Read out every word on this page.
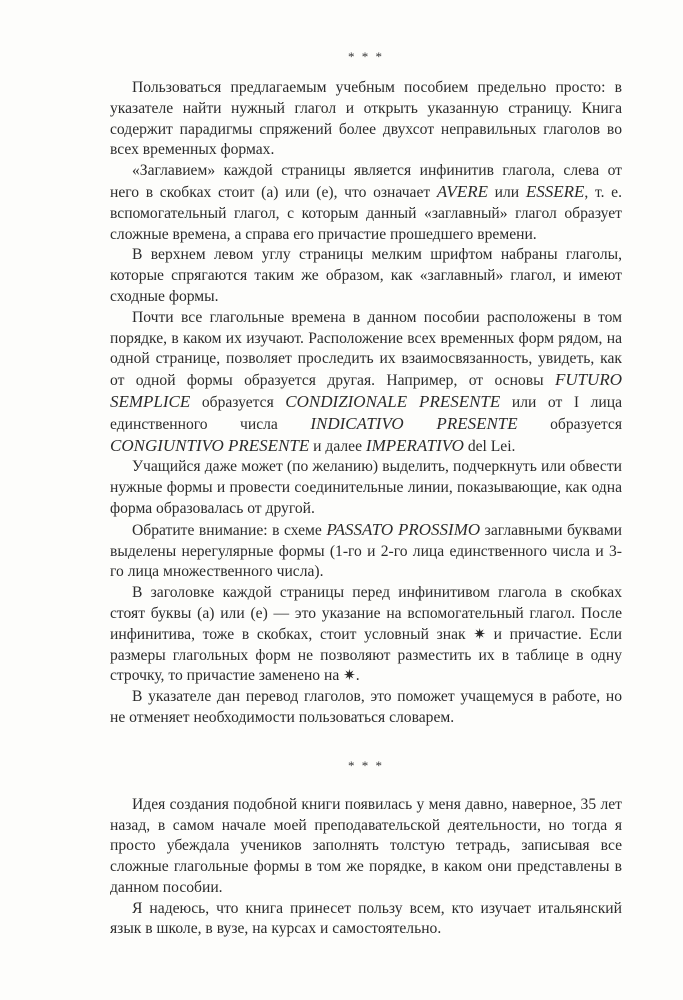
* * *

Пользоваться предлагаемым учебным пособием предельно просто: в указателе найти нужный глагол и открыть указанную страницу. Книга содержит парадигмы спряжений более двухсот неправильных глаголов во всех временных формах.

«Заглавием» каждой страницы является инфинитив глагола, слева от него в скобках стоит (а) или (е), что означает AVERE или ESSERE, т. е. вспомогательный глагол, с которым данный «заглавный» глагол образует сложные времена, а справа его причастие прошедшего времени.

В верхнем левом углу страницы мелким шрифтом набраны глаголы, которые спрягаются таким же образом, как «заглавный» глагол, и имеют сходные формы.

Почти все глагольные времена в данном пособии расположены в том порядке, в каком их изучают. Расположение всех временных форм рядом, на одной странице, позволяет проследить их взаимосвязанность, увидеть, как от одной формы образуется другая. Например, от основы FUTURO SEMPLICE образуется CONDIZIONALE PRESENTE или от I лица единственного числа INDICATIVO PRESENTE образуется CONGIUNTIVO PRESENTE и далее IMPERATIVO del Lei.

Учащийся даже может (по желанию) выделить, подчеркнуть или обвести нужные формы и провести соединительные линии, показывающие, как одна форма образовалась от другой.

Обратите внимание: в схеме PASSATO PROSSIMO заглавными буквами выделены нерегулярные формы (1-го и 2-го лица единственного числа и 3-го лица множественного числа).

В заголовке каждой страницы перед инфинитивом глагола в скобках стоят буквы (а) или (е) — это указание на вспомогательный глагол. После инфинитива, тоже в скобках, стоит условный знак ✷ и причастие. Если размеры глагольных форм не позволяют разместить их в таблице в одну строчку, то причастие заменено на ✷.

В указателе дан перевод глаголов, это поможет учащемуся в работе, но не отменяет необходимости пользоваться словарем.

* * *

Идея создания подобной книги появилась у меня давно, наверное, 35 лет назад, в самом начале моей преподавательской деятельности, но тогда я просто убеждала учеников заполнять толстую тетрадь, записывая все сложные глагольные формы в том же порядке, в каком они представлены в данном пособии.

Я надеюсь, что книга принесет пользу всем, кто изучает итальянский язык в школе, в вузе, на курсах и самостоятельно.
